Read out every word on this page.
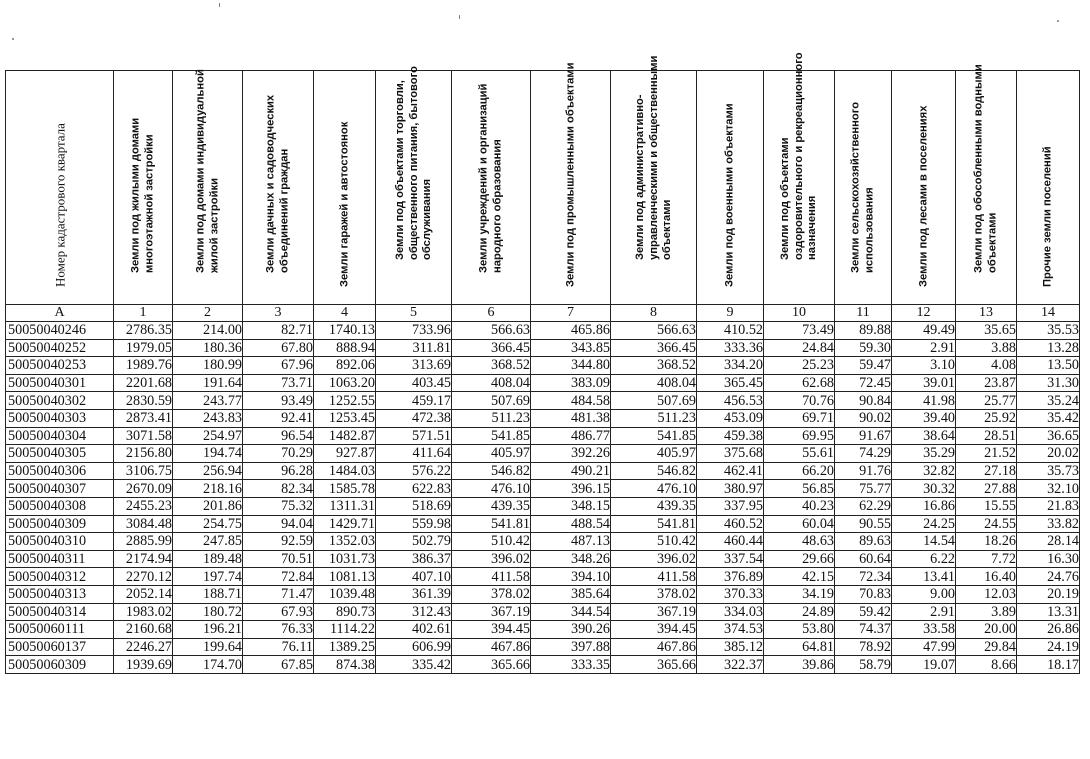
Номер кадастрового квартала	Земли под жилыми домами многоэтажной застройки	Земли под домами индивидуальной жилой застройки	Земли дачных и садоводческих объединений граждан	Земли гаражей и автостоянок	Земли под объектами торговли, общественного питания, бытового обслуживания	Земли учреждений и организаций народного образования	Земли под промышленными объектами	Земли под административно-управленческими и общественными объектами	Земли под военными объектами	Земли под объектами оздоровительного и рекреационного назначения	Земли сельскохозяйственного использования	Земли под лесами в поселениях	Земли под обособленными водными объектами	Прочие земли поселений

A	1	2	3	4	5	6	7	8	9	10	11	12	13	14
50050040246	2786.35	214.00	82.71	1740.13	733.96	566.63	465.86	566.63	410.52	73.49	89.88	49.49	35.65	35.53
50050040252	1979.05	180.36	67.80	888.94	311.81	366.45	343.85	366.45	333.36	24.84	59.30	2.91	3.88	13.28
50050040253	1989.76	180.99	67.96	892.06	313.69	368.52	344.80	368.52	334.20	25.23	59.47	3.10	4.08	13.50
50050040301	2201.68	191.64	73.71	1063.20	403.45	408.04	383.09	408.04	365.45	62.68	72.45	39.01	23.87	31.30
50050040302	2830.59	243.77	93.49	1252.55	459.17	507.69	484.58	507.69	456.53	70.76	90.84	41.98	25.77	35.24
50050040303	2873.41	243.83	92.41	1253.45	472.38	511.23	481.38	511.23	453.09	69.71	90.02	39.40	25.92	35.42
50050040304	3071.58	254.97	96.54	1482.87	571.51	541.85	486.77	541.85	459.38	69.95	91.67	38.64	28.51	36.65
50050040305	2156.80	194.74	70.29	927.87	411.64	405.97	392.26	405.97	375.68	55.61	74.29	35.29	21.52	20.02
50050040306	3106.75	256.94	96.28	1484.03	576.22	546.82	490.21	546.82	462.41	66.20	91.76	32.82	27.18	35.73
50050040307	2670.09	218.16	82.34	1585.78	622.83	476.10	396.15	476.10	380.97	56.85	75.77	30.32	27.88	32.10
50050040308	2455.23	201.86	75.32	1311.31	518.69	439.35	348.15	439.35	337.95	40.23	62.29	16.86	15.55	21.83
50050040309	3084.48	254.75	94.04	1429.71	559.98	541.81	488.54	541.81	460.52	60.04	90.55	24.25	24.55	33.82
50050040310	2885.99	247.85	92.59	1352.03	502.79	510.42	487.13	510.42	460.44	48.63	89.63	14.54	18.26	28.14
50050040311	2174.94	189.48	70.51	1031.73	386.37	396.02	348.26	396.02	337.54	29.66	60.64	6.22	7.72	16.30
50050040312	2270.12	197.74	72.84	1081.13	407.10	411.58	394.10	411.58	376.89	42.15	72.34	13.41	16.40	24.76
50050040313	2052.14	188.71	71.47	1039.48	361.39	378.02	385.64	378.02	370.33	34.19	70.83	9.00	12.03	20.19
50050040314	1983.02	180.72	67.93	890.73	312.43	367.19	344.54	367.19	334.03	24.89	59.42	2.91	3.89	13.31
50050060111	2160.68	196.21	76.33	1114.22	402.61	394.45	390.26	394.45	374.53	53.80	74.37	33.58	20.00	26.86
50050060137	2246.27	199.64	76.11	1389.25	606.99	467.86	397.88	467.86	385.12	64.81	78.92	47.99	29.84	24.19
50050060309	1939.69	174.70	67.85	874.38	335.42	365.66	333.35	365.66	322.37	39.86	58.79	19.07	8.66	18.17
